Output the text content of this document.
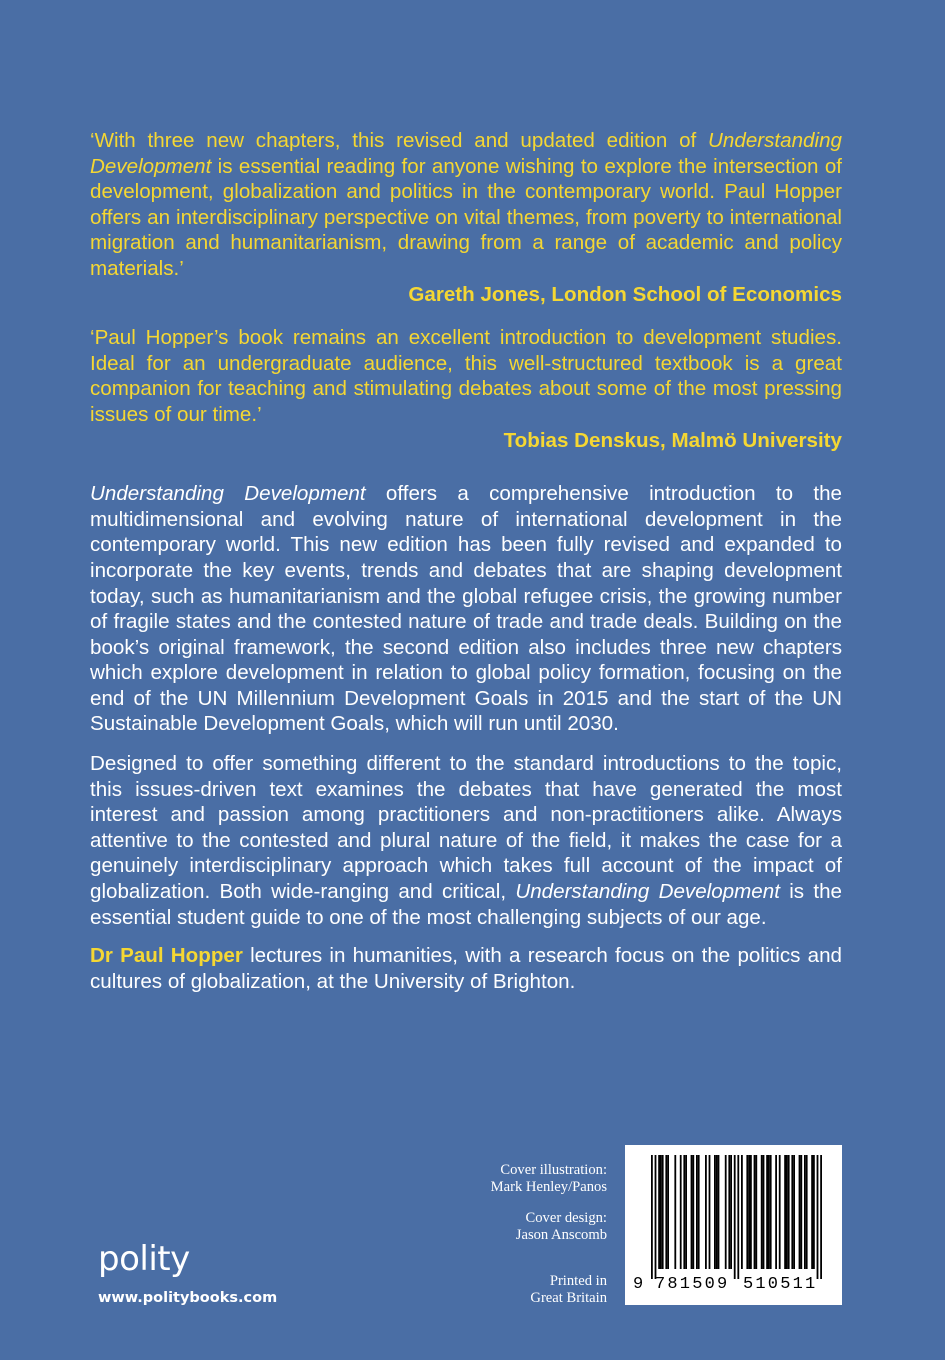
‘With three new chapters, this revised and updated edition of Understanding Development is essential reading for anyone wishing to explore the intersection of development, globalization and politics in the contemporary world. Paul Hopper offers an interdisciplinary perspective on vital themes, from poverty to international migration and humanitarianism, drawing from a range of academic and policy materials.’

Gareth Jones, London School of Economics

‘Paul Hopper’s book remains an excellent introduction to development studies. Ideal for an undergraduate audience, this well-structured textbook is a great companion for teaching and stimulating debates about some of the most pressing issues of our time.’

Tobias Denskus, Malmö University

Understanding Development offers a comprehensive introduction to the multidimensional and evolving nature of international development in the contemporary world. This new edition has been fully revised and expanded to incorporate the key events, trends and debates that are shaping development today, such as humanitarianism and the global refugee crisis, the growing number of fragile states and the contested nature of trade and trade deals. Building on the book’s original framework, the second edition also includes three new chapters which explore development in relation to global policy formation, focusing on the end of the UN Millennium Development Goals in 2015 and the start of the UN Sustainable Development Goals, which will run until 2030.

Designed to offer something different to the standard introductions to the topic, this issues-driven text examines the debates that have generated the most interest and passion among practitioners and non-practitioners alike. Always attentive to the contested and plural nature of the field, it makes the case for a genuinely interdisciplinary approach which takes full account of the impact of globalization. Both wide-ranging and critical, Understanding Development is the essential student guide to one of the most challenging subjects of our age.

Dr Paul Hopper lectures in humanities, with a research focus on the politics and cultures of globalization, at the University of Brighton.

Cover illustration:

Mark Henley/Panos

Cover design:

Jason Anscomb

Printed in

Great Britain

polity
www.politybooks.com
9 781509 510511
